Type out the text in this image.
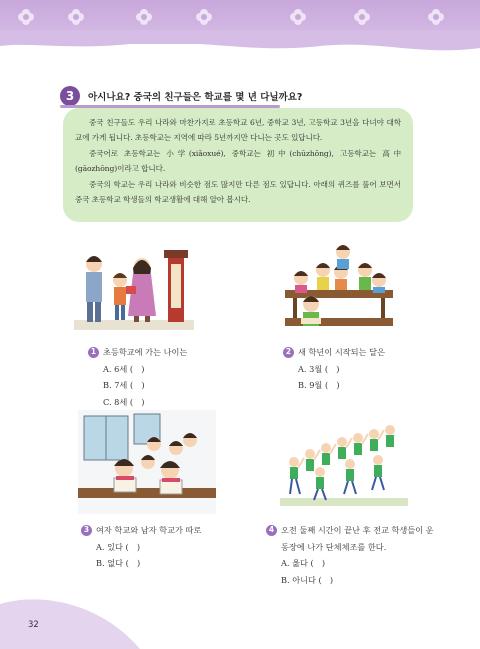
3	아시나요? 중국의 친구들은 학교를 몇 년 다닐까요?

중국 친구들도 우리 나라와 마찬가지로 초등학교 6년, 중학교 3년, 고등학교 3년을 다녀야 대학교에 가게 됩니다. 초등학교는 지역에 따라 5년까지만 다니는 곳도 있답니다.

중국어로 초등학교는 小学(xiǎoxué), 중학교는 初中(chūzhōng), 고등학교는 高中(gāozhōng)이라고 합니다.

중국의 학교는 우리 나라와 비슷한 점도 많지만 다른 점도 있답니다. 아래의 퀴즈를 풀어 보면서 중국 초등학교 학생들의 학교생활에 대해 알아 봅시다.

1 초등학교에 가는 나이는
A. 6세 (　)
B. 7세 (　)
C. 8세 (　)
2 새 학년이 시작되는 달은
A. 3월 (　)
B. 9월 (　)
3 여자 학교와 남자 학교가 따로
A. 있다 (　)
B. 없다 (　)
4 오전 둘째 시간이 끝난 후 전교 학생들이 운동장에 나가 단체체조를 한다.
A. 옳다 (　)
B. 아니다 (　)
32
